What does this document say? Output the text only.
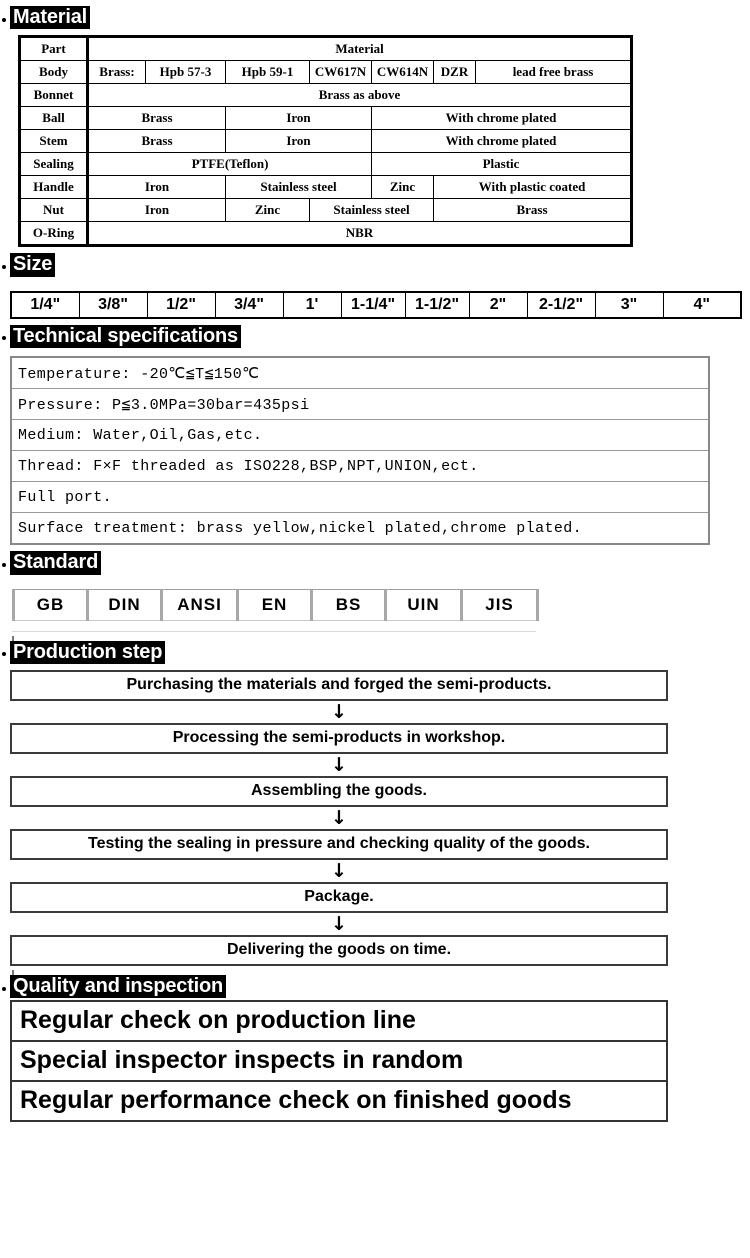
Material
Part	Material						
Body	Brass:	Hpb 57-3	Hpb 59-1	CW617N	CW614N	DZR	lead free brass
Bonnet	Brass as above						
Ball	Brass		Iron		With chrome plated		
Stem	Brass		Iron		With chrome plated		
Sealing	PTFE(Teflon)				Plastic		
Handle	Iron		Stainless steel		Zinc	With plastic coated	
Nut	Iron		Zinc	Stainless steel		Brass	
O-Ring	NBR						
Size
1/4"	3/8"	1/2"	3/4"	1'	1-1/4"	1-1/2"	2"	2-1/2"	3"	4"
Technical specifications
Temperature: -20℃≦T≦150℃
Pressure: P≦3.0MPa=30bar=435psi
Medium: Water,Oil,Gas,etc.
Thread: F×F threaded as ISO228,BSP,NPT,UNION,ect.
Full port.
Surface treatment: brass yellow,nickel plated,chrome plated.
Standard
GB	DIN	ANSI	EN	BS	UIN	JIS
Production step
Purchasing the materials and forged the semi-products.
↓
Processing the semi-products in workshop.
↓
Assembling the goods.
↓
Testing the sealing in pressure and checking quality of the goods.
↓
Package.
↓
Delivering the goods on time.
Quality and inspection
Regular check on production line
Special inspector inspects in random
Regular performance check on finished goods
